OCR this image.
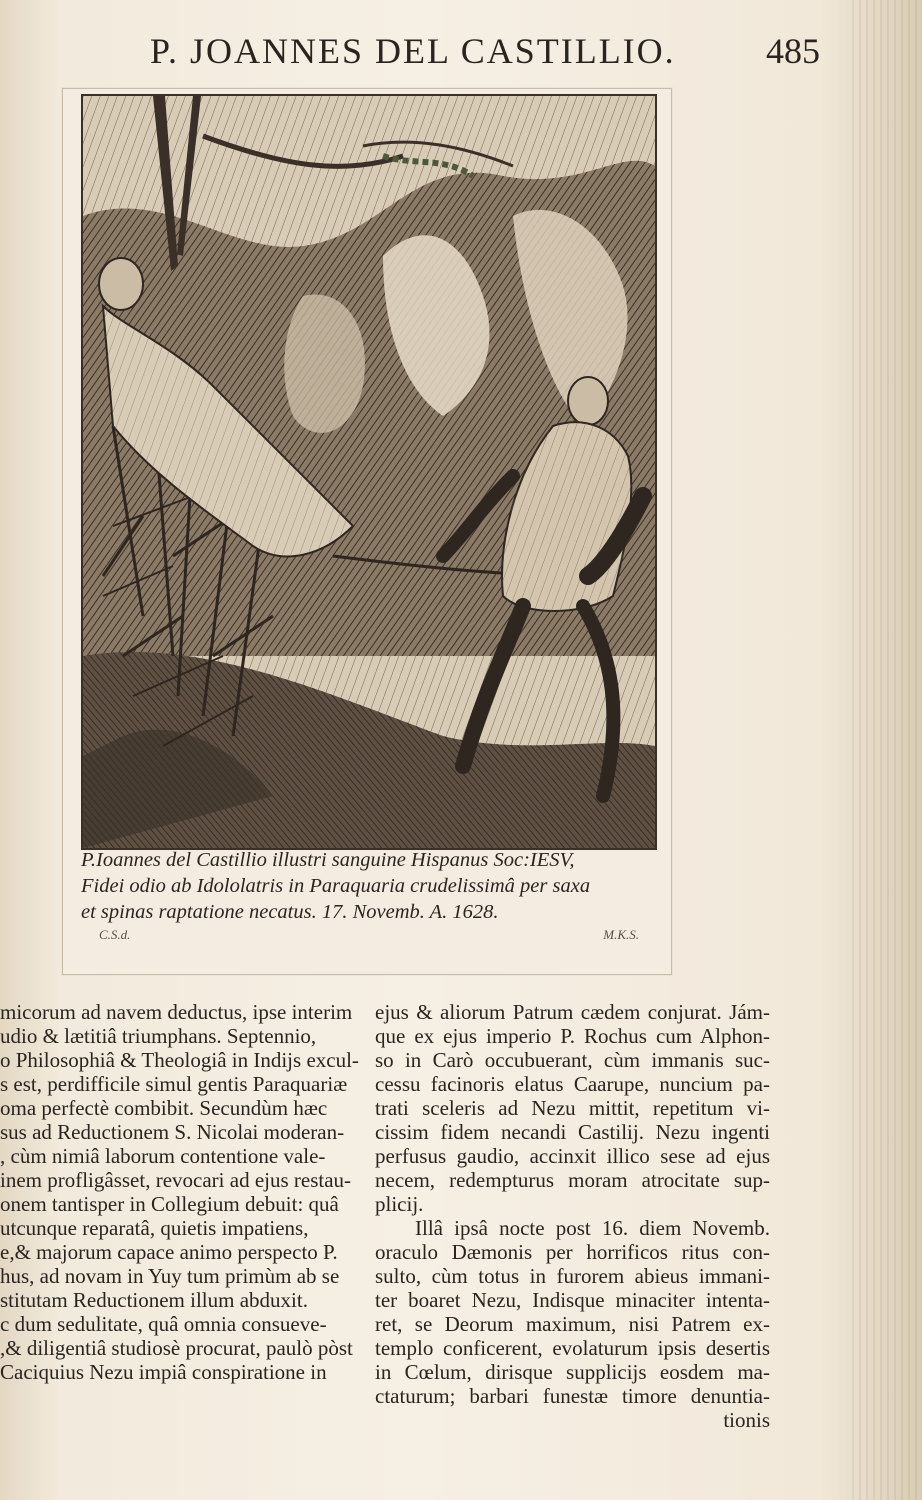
P. JOANNES DEL CASTILLIO.	485
P.Ioannes del Castillio illustri sanguine Hispanus Soc:IESV,
Fidei odio ab Idololatris in Paraquaria crudelissimâ per saxa
et spinas raptatione necatus. 17. Novemb. A. 1628.
C.S.d.	M.K.S.
micorum ad navem deductus, ipse interim
udio & lætitiâ triumphans. Septennio,
o Philosophiâ & Theologiâ in Indijs excul-
s est, perdifficile simul gentis Paraquariæ
oma perfectè combibit. Secundùm hæc
sus ad Reductionem S. Nicolai moderan-
, cùm nimiâ laborum contentione vale-
inem profligâsset, revocari ad ejus restau-
onem tantisper in Collegium debuit: quâ
utcunque reparatâ, quietis impatiens,
e,& majorum capace animo perspecto P.
hus, ad novam in Yuy tum primùm ab se
stitutam Reductionem illum abduxit.
c dum sedulitate, quâ omnia consueve-
,& diligentiâ studiosè procurat, paulò pòst
Caciquius Nezu impiâ conspiratione in
ejus & aliorum Patrum cædem conjurat. Jám-
que ex ejus imperio P. Rochus cum Alphon-
so in Carò occubuerant, cùm immanis suc-
cessu facinoris elatus Caarupe, nuncium pa-
trati sceleris ad Nezu mittit, repetitum vi-
cissim fidem necandi Castilij. Nezu ingenti
perfusus gaudio, accinxit illico sese ad ejus
necem, redempturus moram atrocitate sup-
plicij.
Illâ ipsâ nocte post 16. diem Novemb.
oraculo Dæmonis per horrificos ritus con-
sulto, cùm totus in furorem abieus immani-
ter boaret Nezu, Indisque minaciter intenta-
ret, se Deorum maximum, nisi Patrem ex-
templo conficerent, evolaturum ipsis desertis
in Cœlum, dirisque supplicijs eosdem ma-
ctaturum; barbari funestæ timore denuntia-
tionis
